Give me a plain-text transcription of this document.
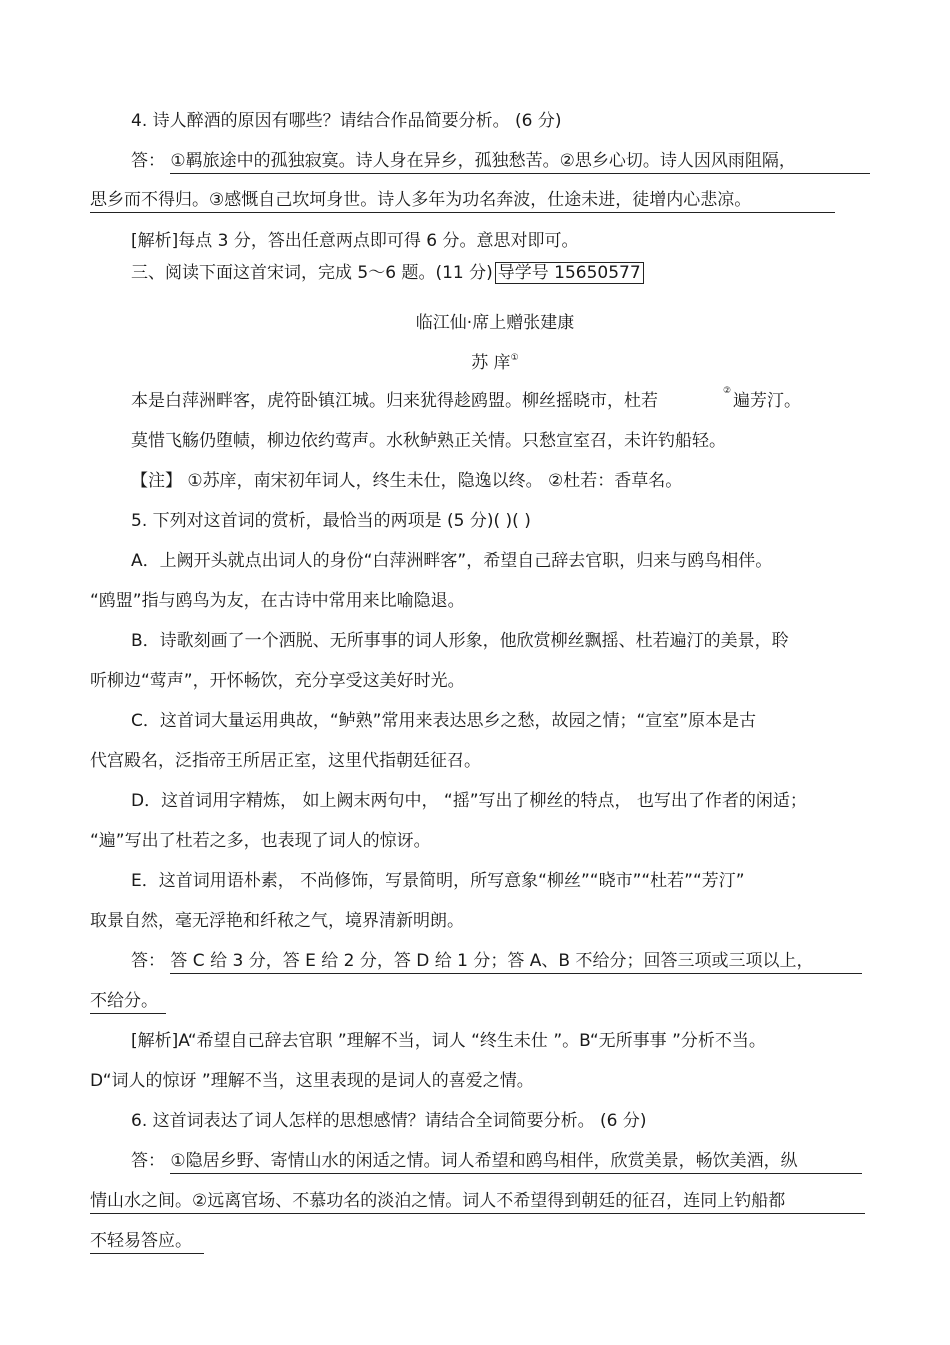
4. 诗人醉酒的原因有哪些？请结合作品简要分析。 (6 分)
答： ①羁旅途中的孤独寂寞。诗人身在异乡，孤独愁苦。②思乡心切。诗人因风雨阻隔，
思乡而不得归。③感慨自己坎坷身世。诗人多年为功名奔波，仕途未进，徒增内心悲凉。
[解析]每点 3 分，答出任意两点即可得 6 分。意思对即可。
三、阅读下面这首宋词，完成 5～6 题。(11 分) 导学号 15650577
临江仙·席上赠张建康
苏 庠①
本是白萍洲畔客，虎符卧镇江城。归来犹得趁鸥盟。柳丝摇晓市，杜若	② 遍芳汀。
莫惜飞觞仍堕帻，柳边依约莺声。水秋鲈熟正关情。只愁宣室召，未许钓船轻。
【注】 ①苏庠，南宋初年词人，终生未仕，隐逸以终。 ②杜若：香草名。
5. 下列对这首词的赏析，最恰当的两项是 (5 分)( )( )
A．上阙开头就点出词人的身份“白萍洲畔客”，希望自己辞去官职，归来与鸥鸟相伴。
“鸥盟”指与鸥鸟为友，在古诗中常用来比喻隐退。
B．诗歌刻画了一个洒脱、无所事事的词人形象，他欣赏柳丝飘摇、杜若遍汀的美景，聆
听柳边“莺声”，开怀畅饮，充分享受这美好时光。
C．这首词大量运用典故，“鲈熟”常用来表达思乡之愁，故园之情；“宣室”原本是古
代宫殿名，泛指帝王所居正室，这里代指朝廷征召。
D．这首词用字精炼， 如上阙末两句中， “摇”写出了柳丝的特点， 也写出了作者的闲适；
“遍”写出了杜若之多，也表现了词人的惊讶。
E．这首词用语朴素， 不尚修饰，写景简明，所写意象“柳丝”“晓市”“杜若”“芳汀”
取景自然，毫无浮艳和纤秾之气，境界清新明朗。
答： 答 C 给 3 分，答 E 给 2 分，答 D 给 1 分；答 A、B 不给分；回答三项或三项以上，
不给分。
[解析]A“希望自己辞去官职 ”理解不当，词人 “终生未仕 ”。B“无所事事 ”分析不当。
D“词人的惊讶 ”理解不当，这里表现的是词人的喜爱之情。
6. 这首词表达了词人怎样的思想感情？请结合全词简要分析。 (6 分)
答： ①隐居乡野、寄情山水的闲适之情。词人希望和鸥鸟相伴，欣赏美景，畅饮美酒，纵
情山水之间。②远离官场、不慕功名的淡泊之情。词人不希望得到朝廷的征召，连同上钓船都
不轻易答应。
